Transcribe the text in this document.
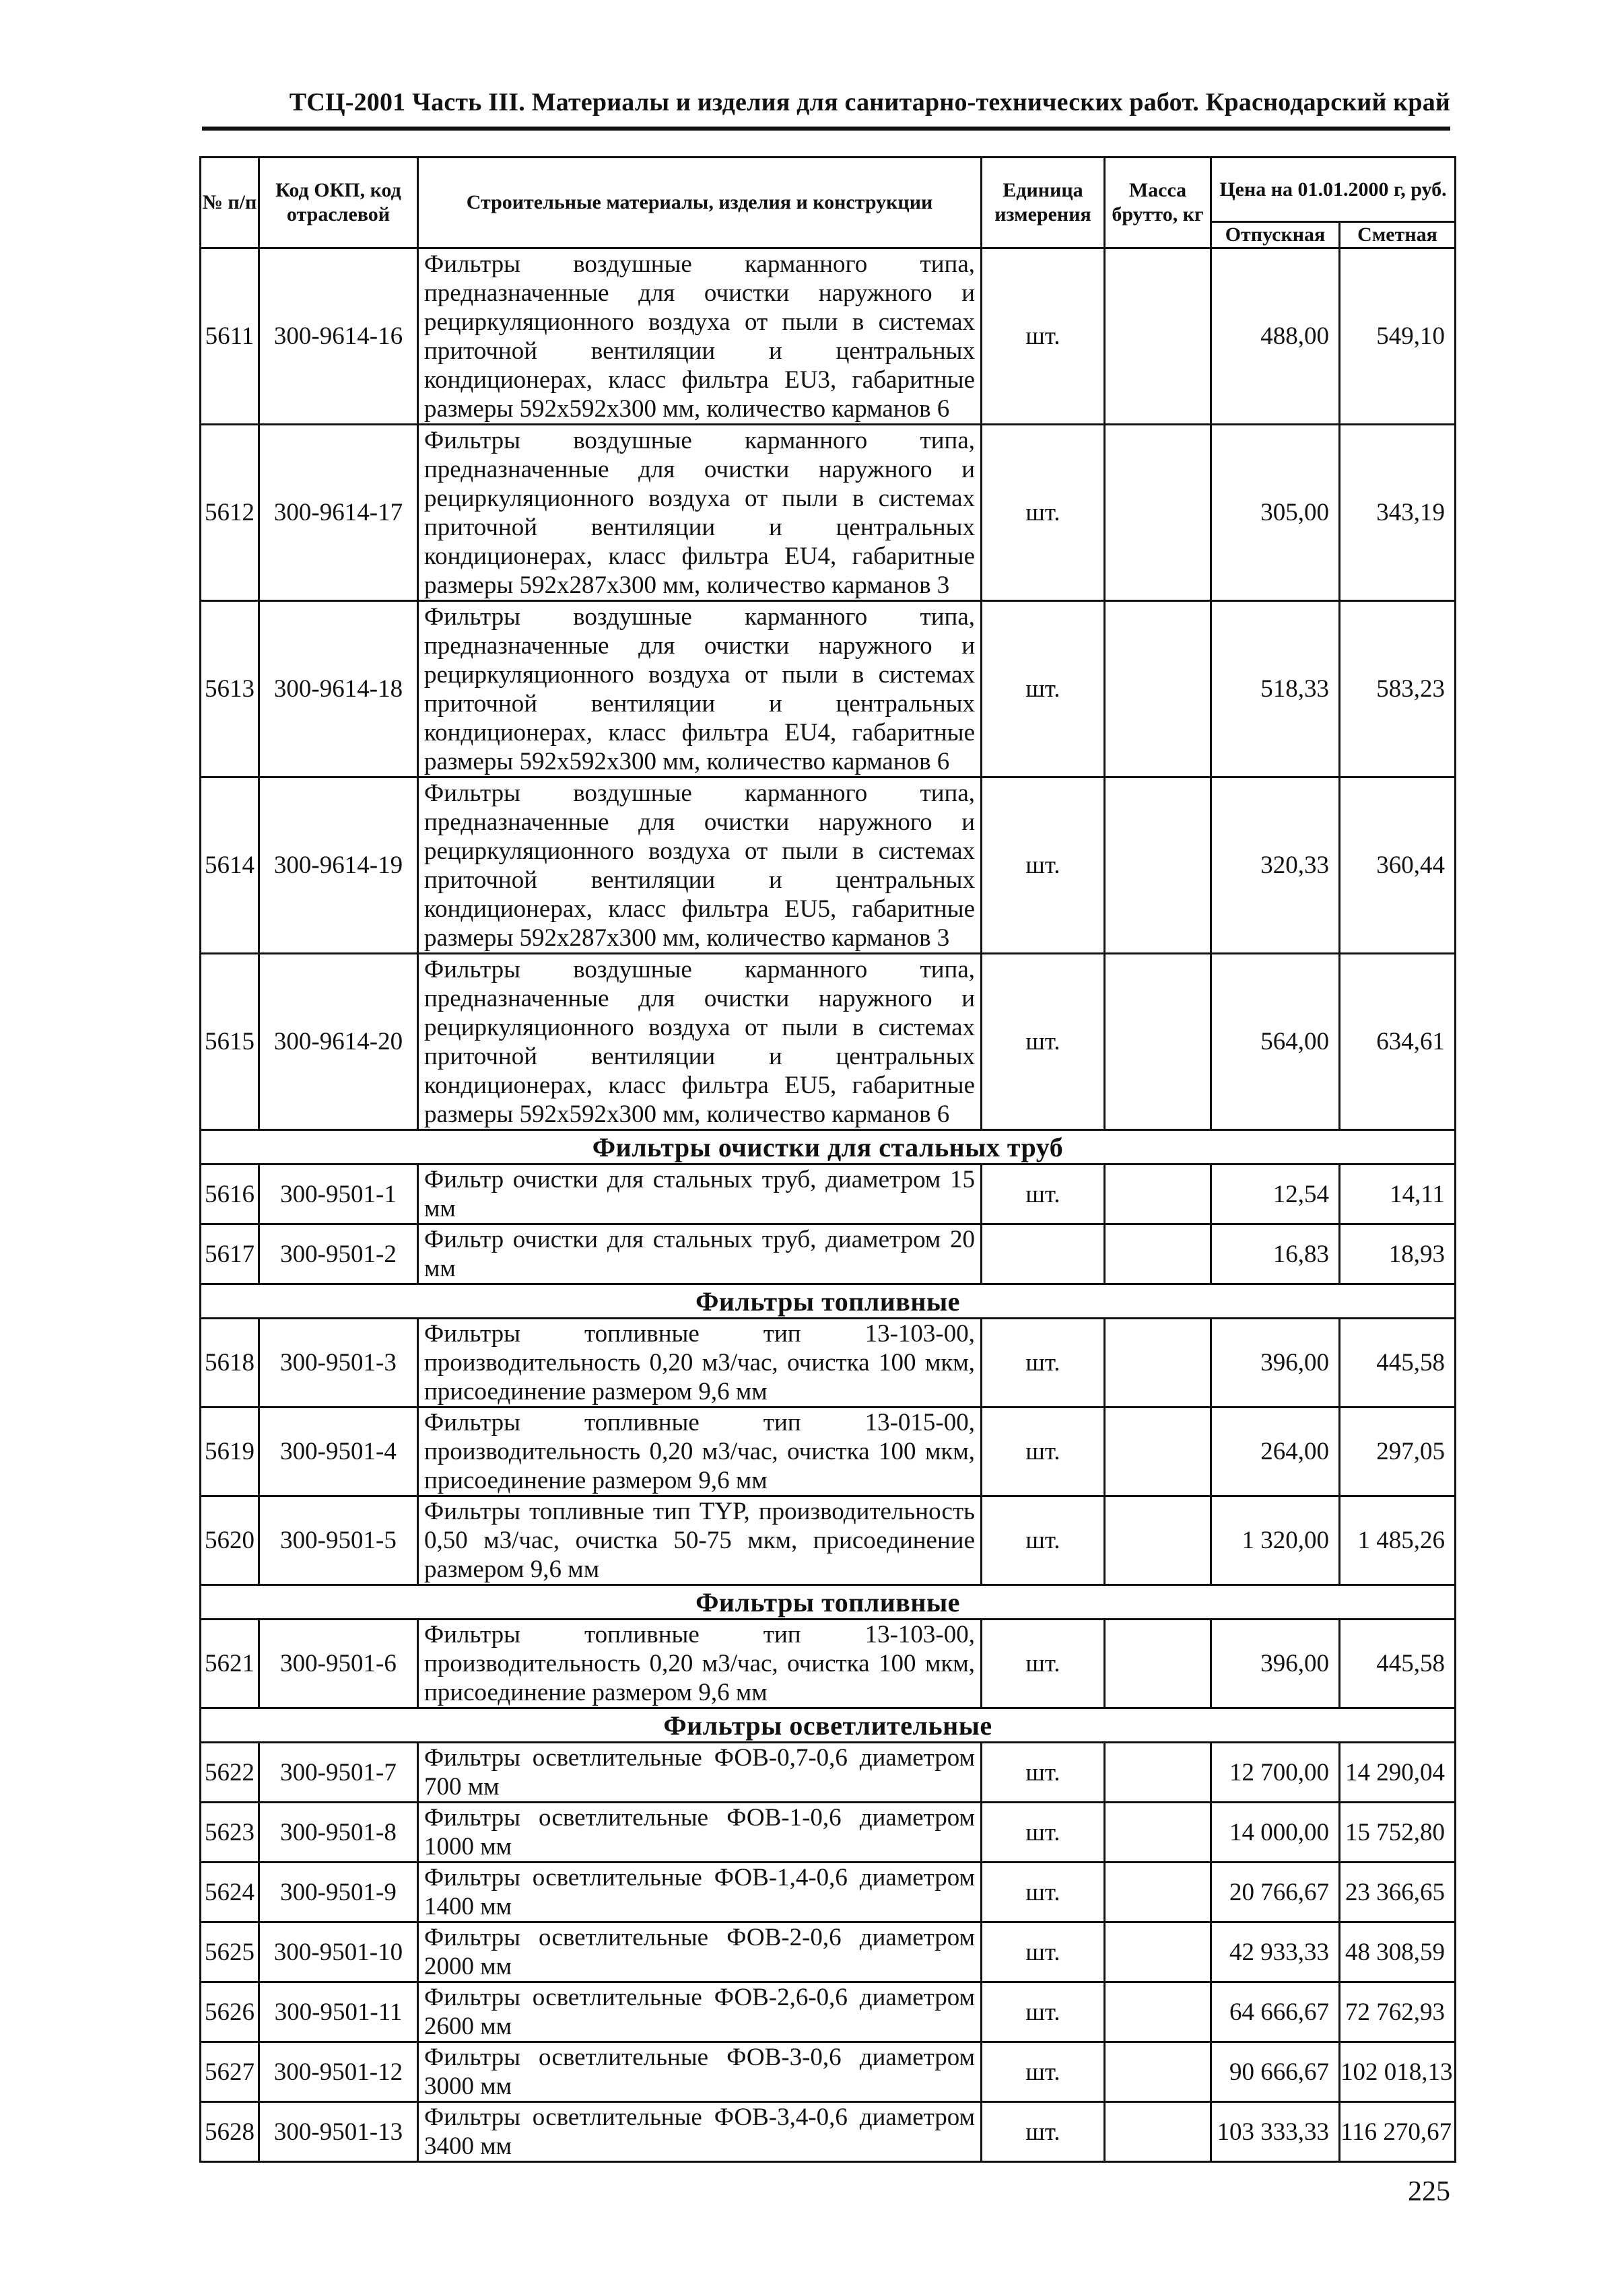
ТСЦ-2001 Часть III. Материалы и изделия для санитарно-технических работ. Краснодарский край
№ п/п	Код ОКП, код отраслевой	Строительные материалы, изделия и конструкции	Единица измерения	Масса брутто, кг	Цена на 01.01.2000 г, руб.	
					Отпускная	Сметная
5611	300-9614-16	Фильтры воздушные карманного типа, предназначенные для очистки наружного и рециркуляционного воздуха от пыли в системах приточной вентиляции и центральных кондиционерах, класс фильтра EU3, габаритные размеры 592х592х300 мм, количество карманов 6	шт.		488,00	549,10
5612	300-9614-17	Фильтры воздушные карманного типа, предназначенные для очистки наружного и рециркуляционного воздуха от пыли в системах приточной вентиляции и центральных кондиционерах, класс фильтра EU4, габаритные размеры 592х287х300 мм, количество карманов 3	шт.		305,00	343,19
5613	300-9614-18	Фильтры воздушные карманного типа, предназначенные для очистки наружного и рециркуляционного воздуха от пыли в системах приточной вентиляции и центральных кондиционерах, класс фильтра EU4, габаритные размеры 592х592х300 мм, количество карманов 6	шт.		518,33	583,23
5614	300-9614-19	Фильтры воздушные карманного типа, предназначенные для очистки наружного и рециркуляционного воздуха от пыли в системах приточной вентиляции и центральных кондиционерах, класс фильтра EU5, габаритные размеры 592х287х300 мм, количество карманов 3	шт.		320,33	360,44
5615	300-9614-20	Фильтры воздушные карманного типа, предназначенные для очистки наружного и рециркуляционного воздуха от пыли в системах приточной вентиляции и центральных кондиционерах, класс фильтра EU5, габаритные размеры 592х592х300 мм, количество карманов 6	шт.		564,00	634,61
Фильтры очистки для стальных труб						
5616	300-9501-1	Фильтр очистки для стальных труб, диаметром 15 мм	шт.		12,54	14,11
5617	300-9501-2	Фильтр очистки для стальных труб, диаметром 20 мм			16,83	18,93
Фильтры топливные						
5618	300-9501-3	Фильтры топливные тип 13-103-00, производительность 0,20 м3/час, очистка 100 мкм, присоединение размером 9,6 мм	шт.		396,00	445,58
5619	300-9501-4	Фильтры топливные тип 13-015-00, производительность 0,20 м3/час, очистка 100 мкм, присоединение размером 9,6 мм	шт.		264,00	297,05
5620	300-9501-5	Фильтры топливные тип TYP, производительность 0,50 м3/час, очистка 50-75 мкм, присоединение размером 9,6 мм	шт.		1 320,00	1 485,26
Фильтры топливные						
5621	300-9501-6	Фильтры топливные тип 13-103-00, производительность 0,20 м3/час, очистка 100 мкм, присоединение размером 9,6 мм	шт.		396,00	445,58
Фильтры осветлительные						
5622	300-9501-7	Фильтры осветлительные ФОВ-0,7-0,6 диаметром 700 мм	шт.		12 700,00	14 290,04
5623	300-9501-8	Фильтры осветлительные ФОВ-1-0,6 диаметром 1000 мм	шт.		14 000,00	15 752,80
5624	300-9501-9	Фильтры осветлительные ФОВ-1,4-0,6 диаметром 1400 мм	шт.		20 766,67	23 366,65
5625	300-9501-10	Фильтры осветлительные ФОВ-2-0,6 диаметром 2000 мм	шт.		42 933,33	48 308,59
5626	300-9501-11	Фильтры осветлительные ФОВ-2,6-0,6 диаметром 2600 мм	шт.		64 666,67	72 762,93
5627	300-9501-12	Фильтры осветлительные ФОВ-3-0,6 диаметром 3000 мм	шт.		90 666,67	102 018,13
5628	300-9501-13	Фильтры осветлительные ФОВ-3,4-0,6 диаметром 3400 мм	шт.		103 333,33	116 270,67
225
